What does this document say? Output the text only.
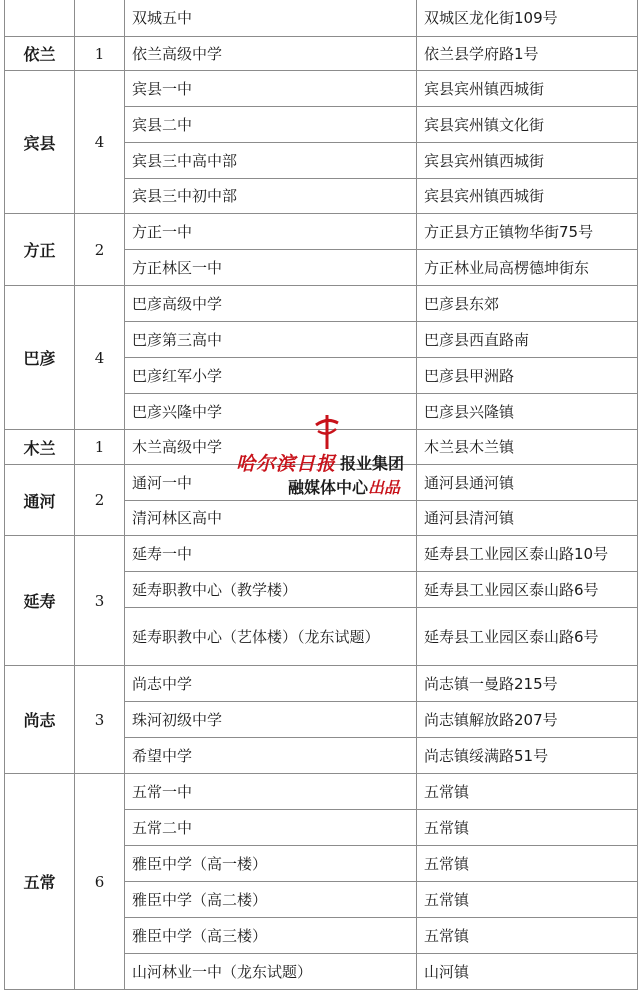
		双城五中	双城区龙化街109号
依兰	1	依兰高级中学	依兰县学府路1号
宾县	4	宾县一中	宾县宾州镇西城街
		宾县二中	宾县宾州镇文化街
		宾县三中高中部	宾县宾州镇西城街
		宾县三中初中部	宾县宾州镇西城街
方正	2	方正一中	方正县方正镇物华街75号
		方正林区一中	方正林业局高楞德坤街东
巴彦	4	巴彦高级中学	巴彦县东郊
		巴彦第三高中	巴彦县西直路南
		巴彦红军小学	巴彦县甲洲路
		巴彦兴隆中学	巴彦县兴隆镇
木兰	1	木兰高级中学	木兰县木兰镇
通河	2	通河一中	通河县通河镇
		清河林区高中	通河县清河镇
延寿	3	延寿一中	延寿县工业园区泰山路10号
		延寿职教中心（教学楼）	延寿县工业园区泰山路6号
		延寿职教中心（艺体楼）（龙东试题）	延寿县工业园区泰山路6号
尚志	3	尚志中学	尚志镇一曼路215号
		珠河初级中学	尚志镇解放路207号
		希望中学	尚志镇绥满路51号
五常	6	五常一中	五常镇
		五常二中	五常镇
		雅臣中学（高一楼）	五常镇
		雅臣中学（高二楼）	五常镇
		雅臣中学（高三楼）	五常镇
		山河林业一中（龙东试题）	山河镇
哈尔滨日报 报业集团
融媒体中心 出品
